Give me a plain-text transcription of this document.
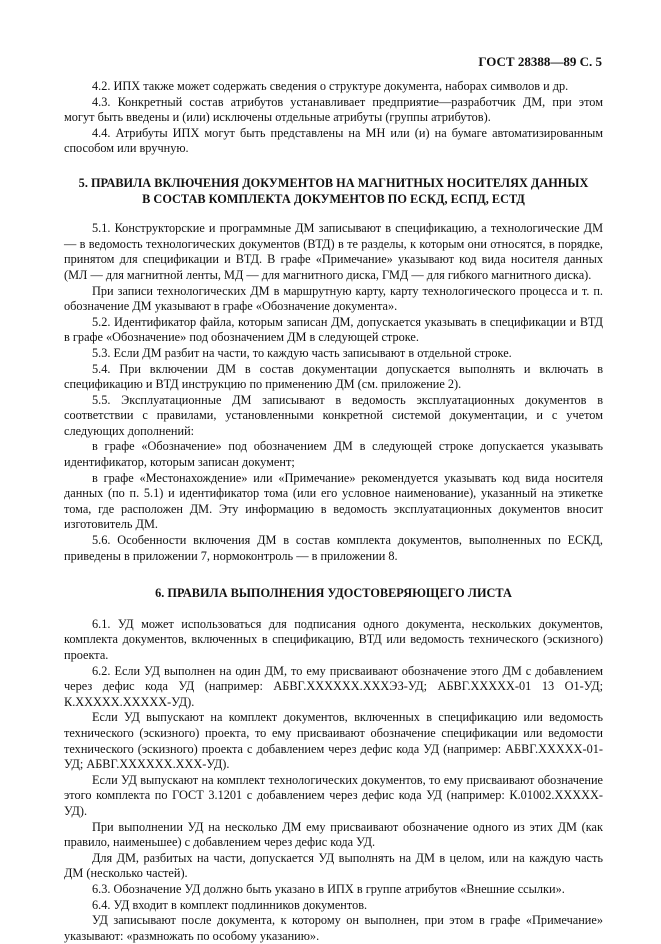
ГОСТ 28388—89 С. 5

4.2. ИПХ также может содержать сведения о структуре документа, наборах символов и др.

4.3. Конкретный состав атрибутов устанавливает предприятие—разработчик ДМ, при этом могут быть введены и (или) исключены отдельные атрибуты (группы атрибутов).

4.4. Атрибуты ИПХ могут быть представлены на МН или (и) на бумаге автоматизированным способом или вручную.

5. ПРАВИЛА ВКЛЮЧЕНИЯ ДОКУМЕНТОВ НА МАГНИТНЫХ НОСИТЕЛЯХ ДАННЫХ
В СОСТАВ КОМПЛЕКТА ДОКУМЕНТОВ ПО ЕСКД, ЕСПД, ЕСТД

5.1. Конструкторские и программные ДМ записывают в спецификацию, а технологические ДМ — в ведомость технологических документов (ВТД) в те разделы, к которым они относятся, в порядке, принятом для спецификации и ВТД. В графе «Примечание» указывают код вида носителя данных (МЛ — для магнитной ленты, МД — для магнитного диска, ГМД — для гибкого магнитного диска).

При записи технологических ДМ в маршрутную карту, карту технологического процесса и т. п. обозначение ДМ указывают в графе «Обозначение документа».

5.2. Идентификатор файла, которым записан ДМ, допускается указывать в спецификации и ВТД в графе «Обозначение» под обозначением ДМ в следующей строке.

5.3. Если ДМ разбит на части, то каждую часть записывают в отдельной строке.

5.4. При включении ДМ в состав документации допускается выполнять и включать в спецификацию и ВТД инструкцию по применению ДМ (см. приложение 2).

5.5. Эксплуатационные ДМ записывают в ведомость эксплуатационных документов в соответствии с правилами, установленными конкретной системой документации, и с учетом следующих дополнений:

в графе «Обозначение» под обозначением ДМ в следующей строке допускается указывать идентификатор, которым записан документ;

в графе «Местонахождение» или «Примечание» рекомендуется указывать код вида носителя данных (по п. 5.1) и идентификатор тома (или его условное наименование), указанный на этикетке тома, где расположен ДМ. Эту информацию в ведомость эксплуатационных документов вносит изготовитель ДМ.

5.6. Особенности включения ДМ в состав комплекта документов, выполненных по ЕСКД, приведены в приложении 7, нормоконтроль — в приложении 8.

6. ПРАВИЛА ВЫПОЛНЕНИЯ УДОСТОВЕРЯЮЩЕГО ЛИСТА

6.1. УД может использоваться для подписания одного документа, нескольких документов, комплекта документов, включенных в спецификацию, ВТД или ведомость технического (эскизного) проекта.

6.2. Если УД выполнен на один ДМ, то ему присваивают обозначение этого ДМ с добавлением через дефис кода УД (например: АБВГ.XXXXXX.XXXЭЗ-УД; АБВГ.XXXXX-01 13 О1-УД; К.XXXXX.XXXXX-УД).

Если УД выпускают на комплект документов, включенных в спецификацию или ведомость технического (эскизного) проекта, то ему присваивают обозначение спецификации или ведомости технического (эскизного) проекта с добавлением через дефис кода УД (например: АБВГ.XXXXX-01-УД; АБВГ.XXXXXX.XXX-УД).

Если УД выпускают на комплект технологических документов, то ему присваивают обозначение этого комплекта по ГОСТ 3.1201 с добавлением через дефис кода УД (например: К.01002.XXXXX-УД).

При выполнении УД на несколько ДМ ему присваивают обозначение одного из этих ДМ (как правило, наименьшее) с добавлением через дефис кода УД.

Для ДМ, разбитых на части, допускается УД выполнять на ДМ в целом, или на каждую часть ДМ (несколько частей).

6.3. Обозначение УД должно быть указано в ИПХ в группе атрибутов «Внешние ссылки».

6.4. УД входит в комплект подлинников документов.

УД записывают после документа, к которому он выполнен, при этом в графе «Примечание» указывают: «размножать по особому указанию».
